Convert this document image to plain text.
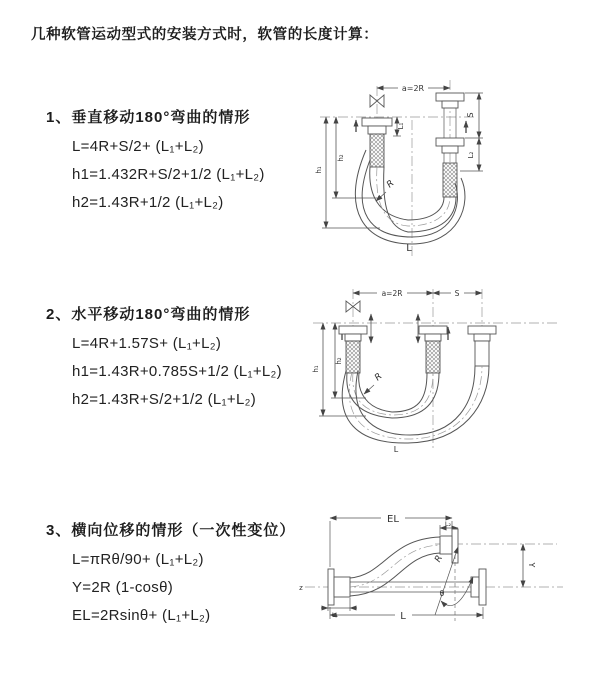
几种软管运动型式的安装方式时，软管的长度计算：
1、垂直移动180°弯曲的情形
L=4R+S/2+ (L₁+L₂)
h1=1.432R+S/2+1/2 (L₁+L₂)
h2=1.43R+1/2 (L₁+L₂)
2、水平移动180°弯曲的情形
L=4R+1.57S+ (L₁+L₂)
h1=1.43R+0.785S+1/2 (L₁+L₂)
h2=1.43R+S/2+1/2 (L₁+L₂)
3、横向位移的情形（一次性变位）
L=πRθ/90+ (L₁+L₂)
Y=2R (1-cosθ)
EL=2Rsinθ+ (L₁+L₂)
a=2R
S
L₂
L₁
h₁
h₂
R
L
a=2R	S
h₁
h₂
R
L
z
EL	L₂
Y
R
θ
L
L₁
